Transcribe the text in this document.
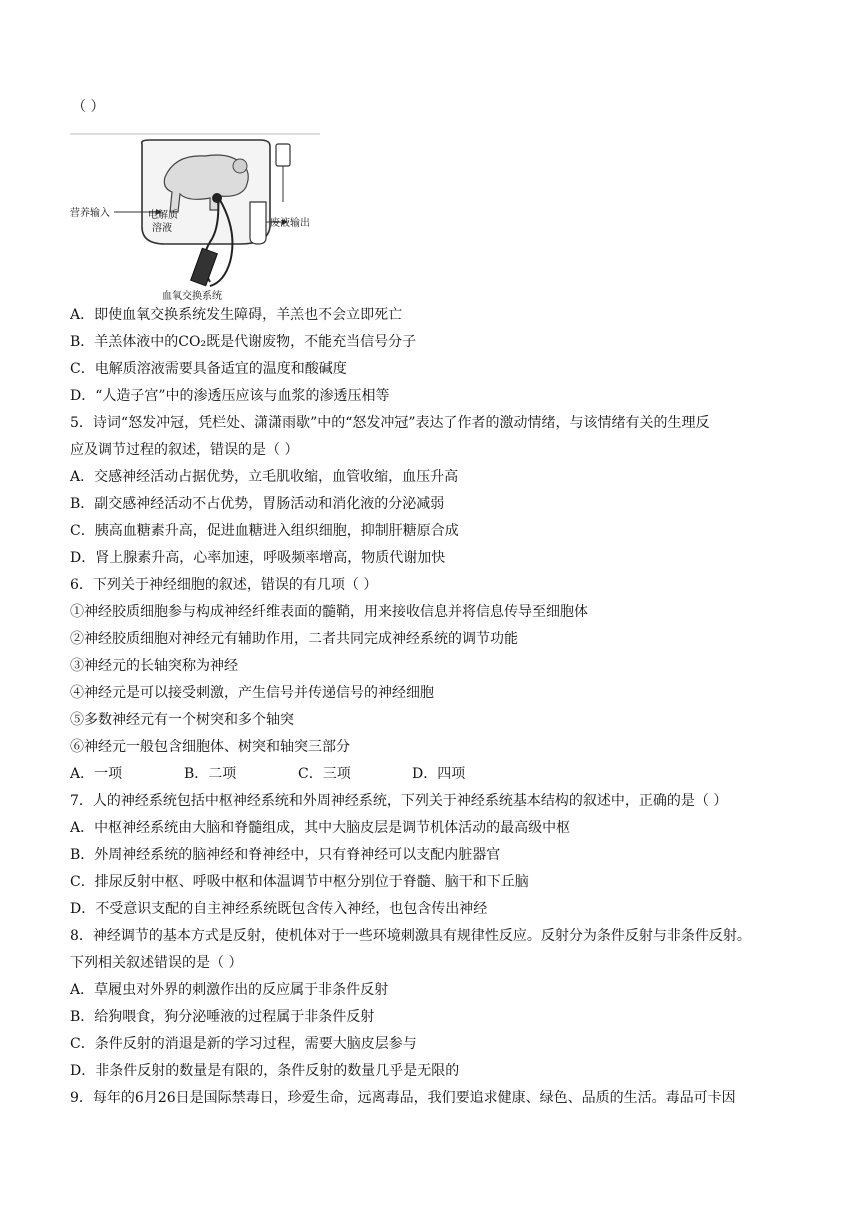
（ ）
营养输入	电解质
溶液	废液输出
血氧交换系统
A．即使血氧交换系统发生障碍，羊羔也不会立即死亡
B．羊羔体液中的CO₂既是代谢废物，不能充当信号分子
C．电解质溶液需要具备适宜的温度和酸碱度
D．“人造子宫”中的渗透压应该与血浆的渗透压相等
5．诗词“怒发冲冠，凭栏处、潇潇雨歇”中的“怒发冲冠”表达了作者的激动情绪，与该情绪有关的生理反
应及调节过程的叙述，错误的是（ ）
A．交感神经活动占据优势，立毛肌收缩，血管收缩，血压升高
B．副交感神经活动不占优势，胃肠活动和消化液的分泌减弱
C．胰高血糖素升高，促进血糖进入组织细胞，抑制肝糖原合成
D．肾上腺素升高，心率加速，呼吸频率增高，物质代谢加快
6．下列关于神经细胞的叙述，错误的有几项（ ）
①神经胶质细胞参与构成神经纤维表面的髓鞘，用来接收信息并将信息传导至细胞体
②神经胶质细胞对神经元有辅助作用，二者共同完成神经系统的调节功能
③神经元的长轴突称为神经
④神经元是可以接受刺激，产生信号并传递信号的神经细胞
⑤多数神经元有一个树突和多个轴突
⑥神经元一般包含细胞体、树突和轴突三部分
A．一项	B．二项	C．三项	D．四项
7．人的神经系统包括中枢神经系统和外周神经系统，下列关于神经系统基本结构的叙述中，正确的是（ ）
A．中枢神经系统由大脑和脊髓组成，其中大脑皮层是调节机体活动的最高级中枢
B．外周神经系统的脑神经和脊神经中，只有脊神经可以支配内脏器官
C．排尿反射中枢、呼吸中枢和体温调节中枢分别位于脊髓、脑干和下丘脑
D．不受意识支配的自主神经系统既包含传入神经，也包含传出神经
8．神经调节的基本方式是反射，使机体对于一些环境刺激具有规律性反应。反射分为条件反射与非条件反射。
下列相关叙述错误的是（ ）
A．草履虫对外界的刺激作出的反应属于非条件反射
B．给狗喂食，狗分泌唾液的过程属于非条件反射
C．条件反射的消退是新的学习过程，需要大脑皮层参与
D．非条件反射的数量是有限的，条件反射的数量几乎是无限的
9．每年的6月26日是国际禁毒日，珍爱生命，远离毒品，我们要追求健康、绿色、品质的生活。毒品可卡因
